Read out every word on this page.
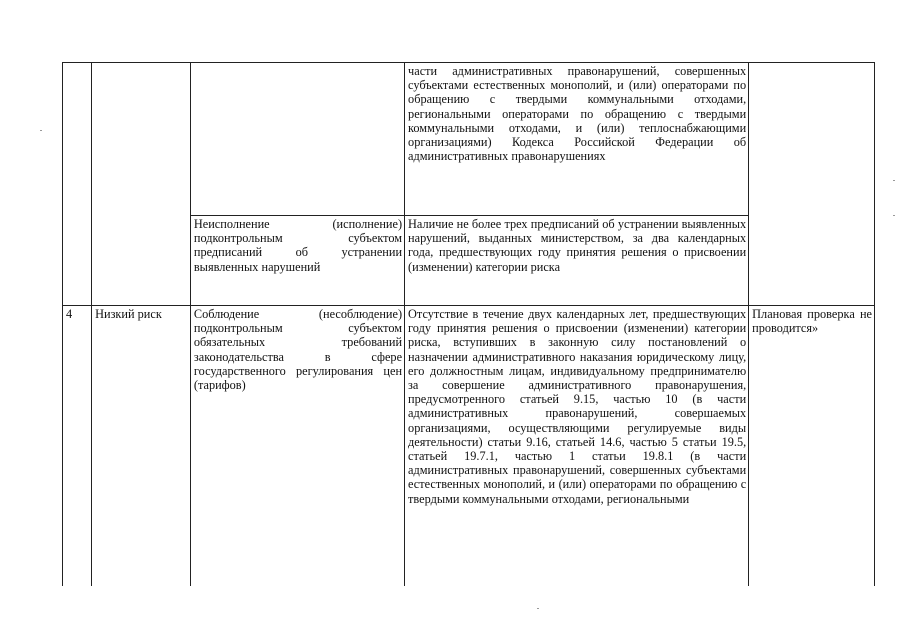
			части административных правонарушений, совершенных субъектами естественных монополий, и (или) операторами по обращению с твердыми коммунальными отходами, региональными операторами по обращению с твердыми коммунальными отходами, и (или) теплоснабжающими организациями) Кодекса Российской Федерации об административных правонарушениях	
		Неисполнение (исполнение) подконтрольным субъектом предписаний об устранении выявленных нарушений	Наличие не более трех предписаний об устранении выявленных нарушений, выданных министерством, за два календарных года, предшествующих году принятия решения о присвоении (изменении) категории риска	
4	Низкий риск	Соблюдение (несоблюдение) подконтрольным субъектом обязательных требований законодательства в сфере государственного регулирования цен (тарифов)	Отсутствие в течение двух календарных лет, предшествующих году принятия решения о присвоении (изменении) категории риска, вступивших в законную силу постановлений о назначении административного наказания юридическому лицу, его должностным лицам, индивидуальному предпринимателю за совершение административного правонарушения, предусмотренного статьей 9.15, частью 10 (в части административных правонарушений, совершаемых организациями, осуществляющими регулируемые виды деятельности) статьи 9.16, статьей 14.6, частью 5 статьи 19.5, статьей 19.7.1, частью 1 статьи 19.8.1 (в части административных правонарушений, совершенных субъектами естественных монополий, и (или) операторами по обращению с твердыми коммунальными отходами, региональными	Плановая проверка не проводится»
